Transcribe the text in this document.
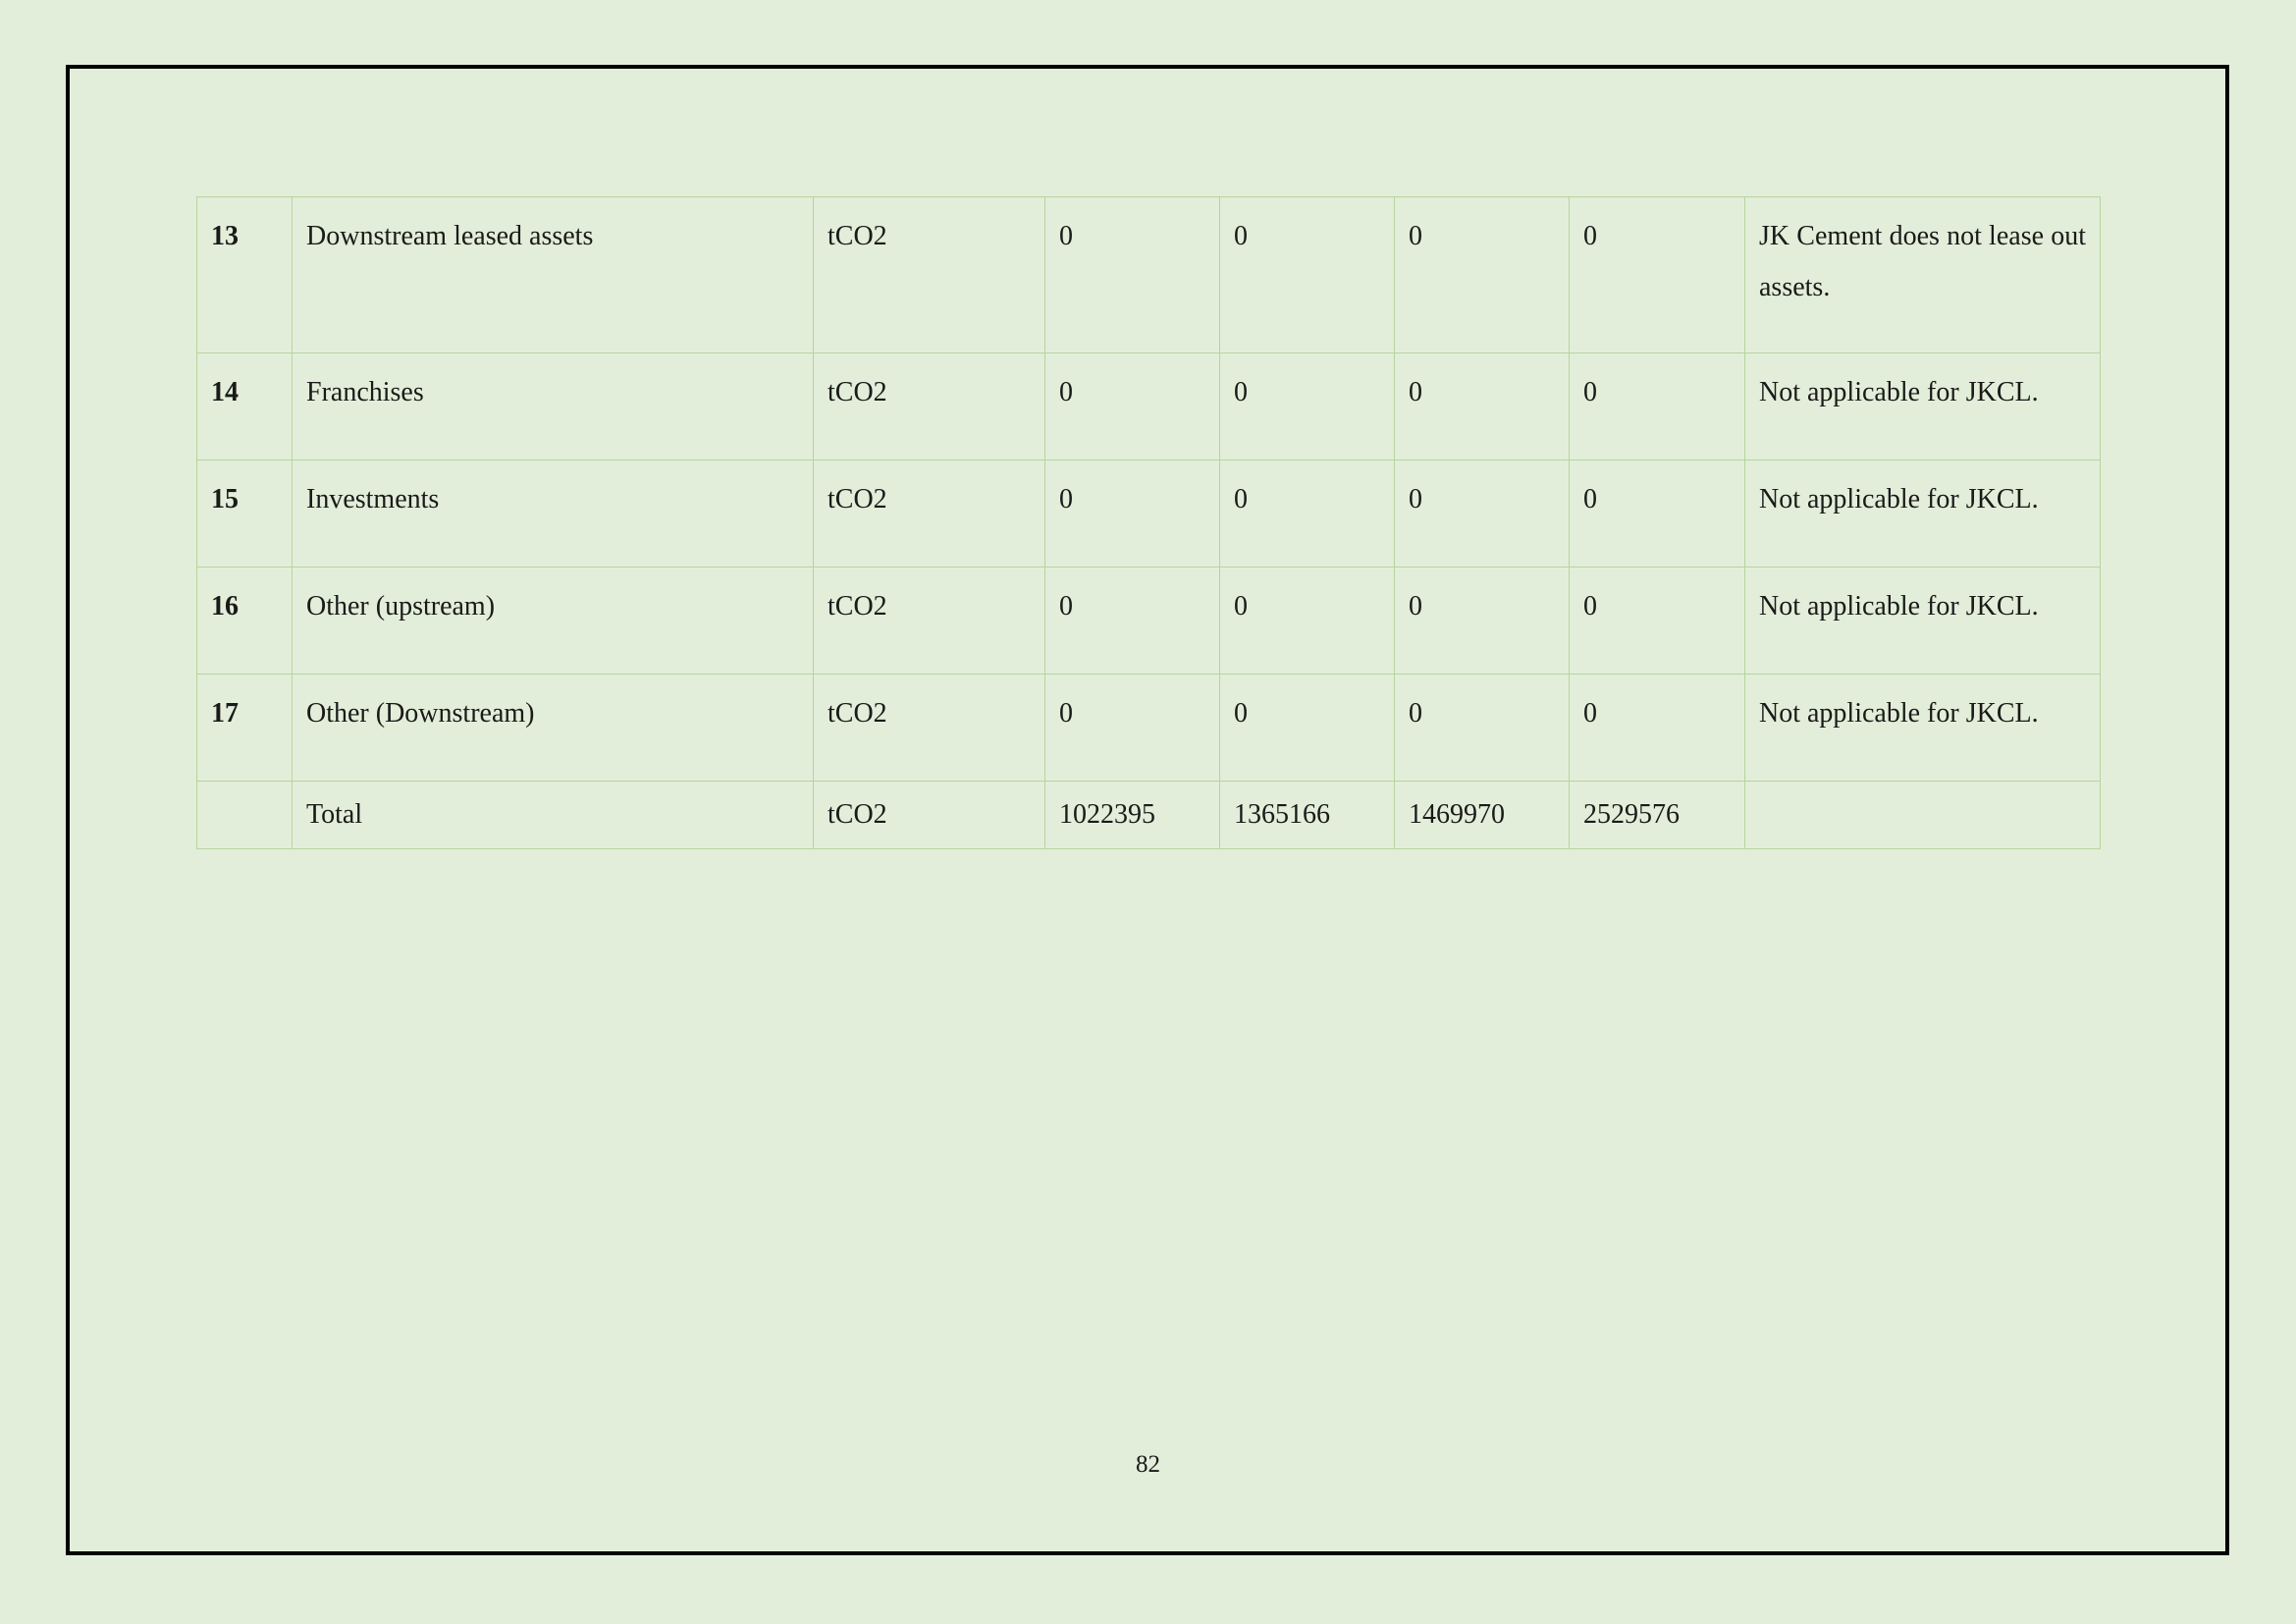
13	Downstream leased assets	tCO2	0	0	0	0	JK Cement does not lease out assets.
14	Franchises	tCO2	0	0	0	0	Not applicable for JKCL.
15	Investments	tCO2	0	0	0	0	Not applicable for JKCL.
16	Other (upstream)	tCO2	0	0	0	0	Not applicable for JKCL.
17	Other (Downstream)	tCO2	0	0	0	0	Not applicable for JKCL.
	Total	tCO2	1022395	1365166	1469970	2529576	
82
